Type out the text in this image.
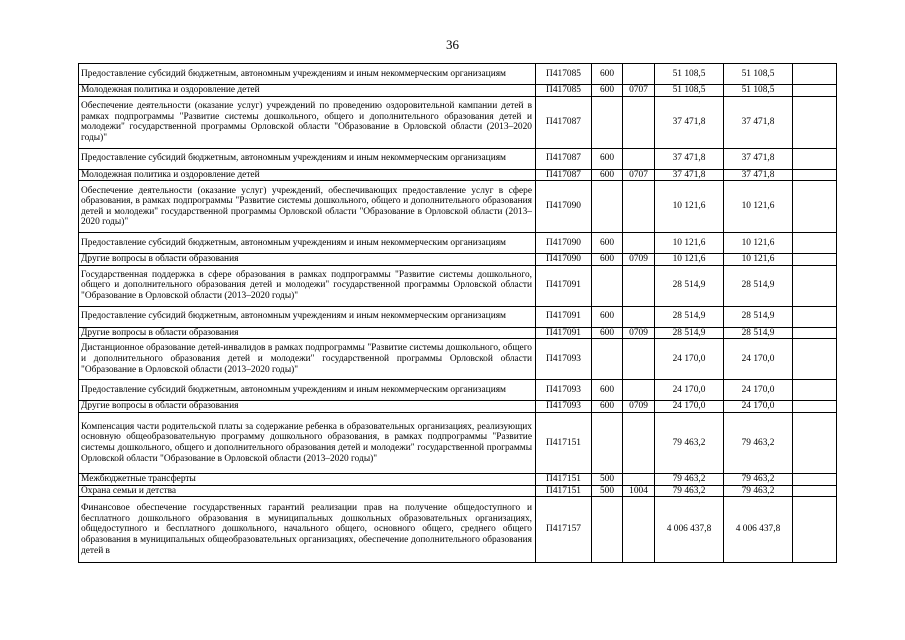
36
Предоставление субсидий бюджетным, автономным учреждениям и иным некоммерческим организациям	П417085	600		51 108,5	51 108,5	
Молодежная политика и оздоровление детей	П417085	600	0707	51 108,5	51 108,5	
Обеспечение деятельности (оказание услуг) учреждений по проведению оздоровительной кампании детей в рамках подпрограммы "Развитие системы дошкольного, общего и дополнительного образования детей и молодежи" государственной программы Орловской области "Образование в Орловской области (2013–2020 годы)"	П417087			37 471,8	37 471,8	
Предоставление субсидий бюджетным, автономным учреждениям и иным некоммерческим организациям	П417087	600		37 471,8	37 471,8	
Молодежная политика и оздоровление детей	П417087	600	0707	37 471,8	37 471,8	
Обеспечение деятельности (оказание услуг) учреждений, обеспечивающих предоставление услуг в сфере образования, в рамках подпрограммы "Развитие системы дошкольного, общего и дополнительного образования детей и молодежи" государственной программы Орловской области "Образование в Орловской области (2013–2020 годы)"	П417090			10 121,6	10 121,6	
Предоставление субсидий бюджетным, автономным учреждениям и иным некоммерческим организациям	П417090	600		10 121,6	10 121,6	
Другие вопросы в области образования	П417090	600	0709	10 121,6	10 121,6	
Государственная поддержка в сфере образования в рамках подпрограммы "Развитие системы дошкольного, общего и дополнительного образования детей и молодежи" государственной программы Орловской области "Образование в Орловской области (2013–2020 годы)"	П417091			28 514,9	28 514,9	
Предоставление субсидий бюджетным, автономным учреждениям и иным некоммерческим организациям	П417091	600		28 514,9	28 514,9	
Другие вопросы в области образования	П417091	600	0709	28 514,9	28 514,9	
Дистанционное образование детей-инвалидов в рамках подпрограммы "Развитие системы дошкольного, общего и дополнительного образования детей и молодежи" государственной программы Орловской области "Образование в Орловской области (2013–2020 годы)"	П417093			24 170,0	24 170,0	
Предоставление субсидий бюджетным, автономным учреждениям и иным некоммерческим организациям	П417093	600		24 170,0	24 170,0	
Другие вопросы в области образования	П417093	600	0709	24 170,0	24 170,0	
Компенсация части родительской платы за содержание ребенка в образовательных организациях, реализующих основную общеобразовательную программу дошкольного образования, в рамках подпрограммы "Развитие системы дошкольного, общего и дополнительного образования детей и молодежи" государственной программы Орловской области "Образование в Орловской области (2013–2020 годы)"	П417151			79 463,2	79 463,2	
Межбюджетные трансферты	П417151	500		79 463,2	79 463,2	
Охрана семьи и детства	П417151	500	1004	79 463,2	79 463,2	
Финансовое обеспечение государственных гарантий реализации прав на получение общедоступного и бесплатного дошкольного образования в муниципальных дошкольных образовательных организациях, общедоступного и бесплатного дошкольного, начального общего, основного общего, среднего общего образования в муниципальных общеобразовательных организациях, обеспечение дополнительного образования детей в	П417157			4 006 437,8	4 006 437,8	
